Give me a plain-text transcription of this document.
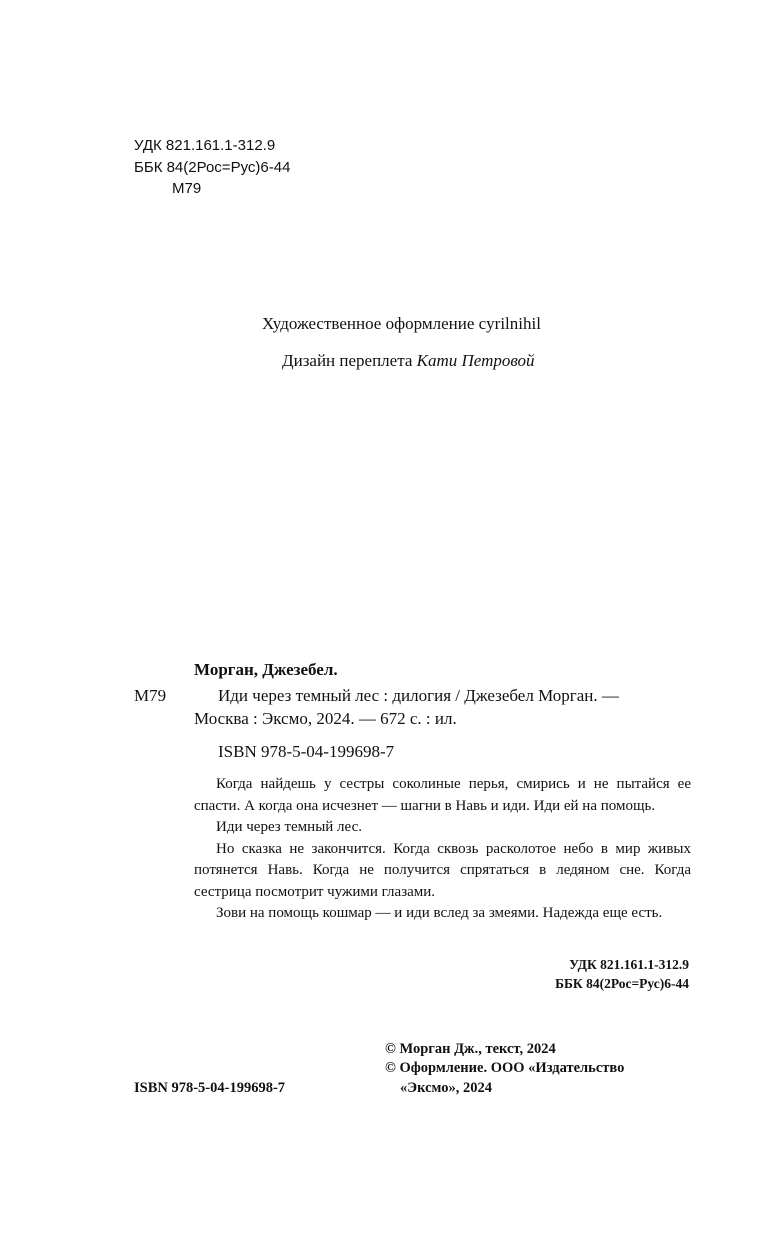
УДК 821.161.1-312.9
ББК 84(2Рос=Рус)6-44
М79
Художественное оформление cyrilnihil
Дизайн переплета Кати Петровой
Морган, Джезебел.
М79	Иди через темный лес : дилогия / Джезебел Морган. —
Москва : Эксмо, 2024. — 672 с. : ил.
ISBN 978-5-04-199698-7

Когда найдешь у сестры соколиные перья, смирись и не пытайся ее спасти. А когда она исчезнет — шагни в Навь и иди. Иди ей на помощь.

Иди через темный лес.

Но сказка не закончится. Когда сквозь расколотое небо в мир живых потянется Навь. Когда не получится спрятаться в ледяном сне. Когда сестрица посмотрит чужими глазами.

Зови на помощь кошмар — и иди вслед за змеями. Надежда еще есть.

УДК 821.161.1-312.9
ББК 84(2Рос=Рус)6-44
© Морган Дж., текст, 2024
© Оформление. ООО «Издательство
«Эксмо», 2024
ISBN 978-5-04-199698-7
